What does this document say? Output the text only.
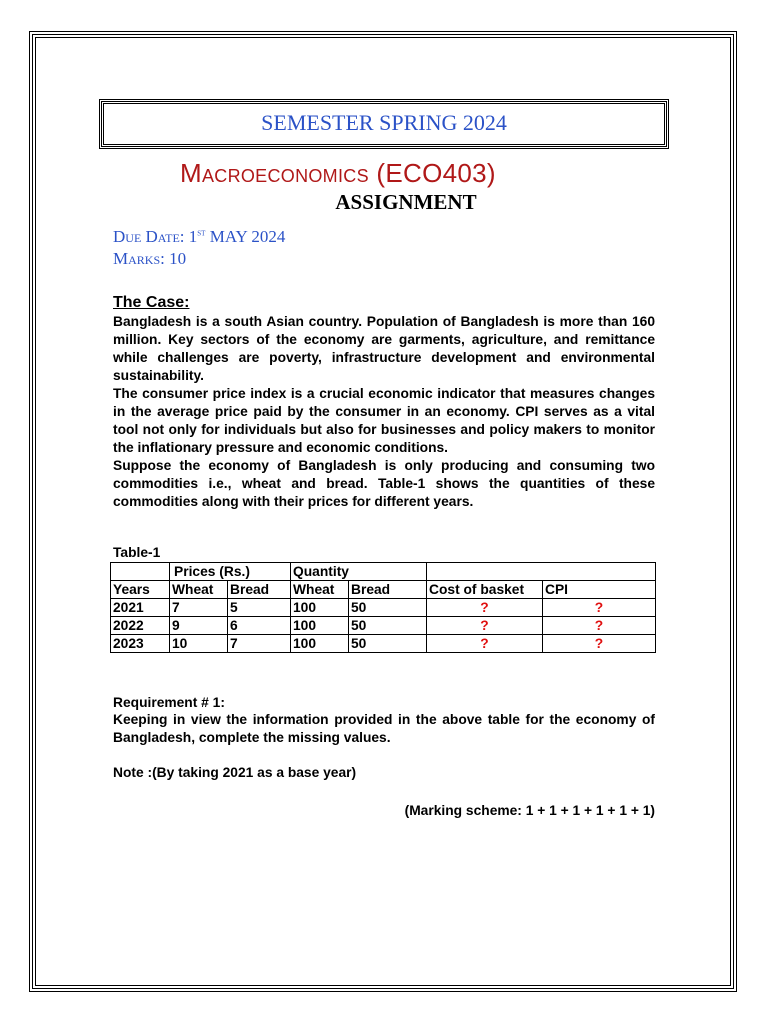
SEMESTER SPRING 2024
Macroeconomics (ECO403)
ASSIGNMENT
Due Date: 1st MAY 2024
Marks: 10
The Case:

Bangladesh is a south Asian country. Population of Bangladesh is more than 160 million. Key sectors of the economy are garments, agriculture, and remittance while challenges are poverty, infrastructure development and environmental sustainability.

The consumer price index is a crucial economic indicator that measures changes in the average price paid by the consumer in an economy. CPI serves as a vital tool not only for individuals but also for businesses and policy makers to monitor the inflationary pressure and economic conditions.

Suppose the economy of Bangladesh is only producing and consuming two commodities i.e., wheat and bread. Table-1 shows the quantities of these commodities along with their prices for different years.

Table-1
	Prices (Rs.)		Quantity			
Years	Wheat	Bread	Wheat	Bread	Cost of basket	CPI
2021	7	5	100	50	?	?
2022	9	6	100	50	?	?
2023	10	7	100	50	?	?
Requirement # 1:
Keeping in view the information provided in the above table for the economy of Bangladesh, complete the missing values.
Note :(By taking 2021 as a base year)
(Marking scheme: 1 + 1 + 1 + 1 + 1 + 1)
